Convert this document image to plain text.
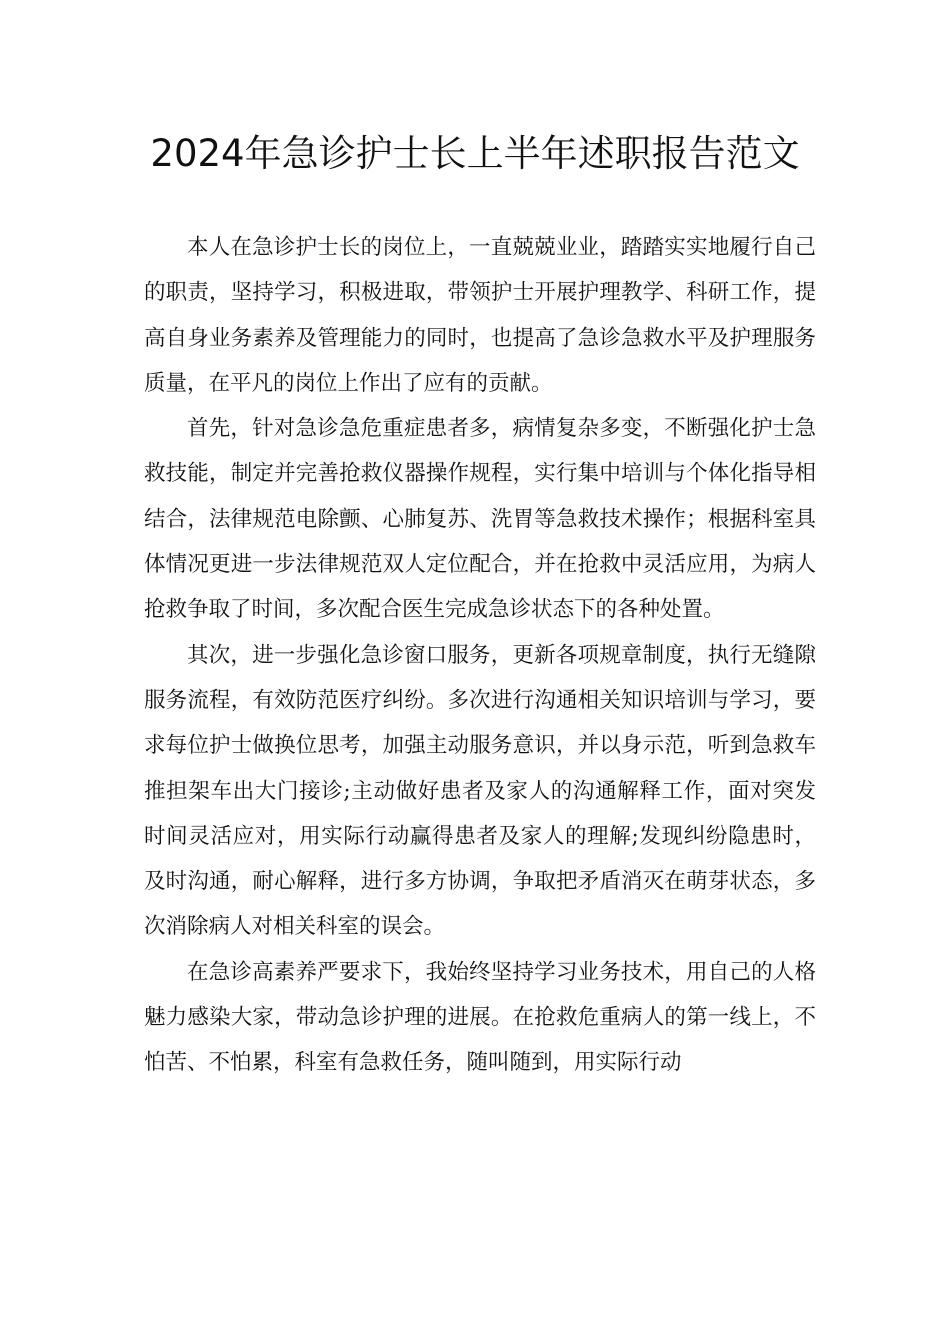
2024年急诊护士长上半年述职报告范文

本人在急诊护士长的岗位上，一直兢兢业业，踏踏实实地履行自己的职责，坚持学习，积极进取，带领护士开展护理教学、科研工作，提高自身业务素养及管理能力的同时，也提高了急诊急救水平及护理服务质量，在平凡的岗位上作出了应有的贡献。

首先，针对急诊急危重症患者多，病情复杂多变，不断强化护士急救技能，制定并完善抢救仪器操作规程，实行集中培训与个体化指导相结合，法律规范电除颤、心肺复苏、洗胃等急救技术操作；根据科室具体情况更进一步法律规范双人定位配合，并在抢救中灵活应用，为病人抢救争取了时间，多次配合医生完成急诊状态下的各种处置。

其次，进一步强化急诊窗口服务，更新各项规章制度，执行无缝隙服务流程，有效防范医疗纠纷。多次进行沟通相关知识培训与学习，要求每位护士做换位思考，加强主动服务意识，并以身示范，听到急救车推担架车出大门接诊;主动做好患者及家人的沟通解释工作，面对突发时间灵活应对，用实际行动赢得患者及家人的理解;发现纠纷隐患时，及时沟通，耐心解释，进行多方协调，争取把矛盾消灭在萌芽状态，多次消除病人对相关科室的误会。

在急诊高素养严要求下，我始终坚持学习业务技术，用自己的人格魅力感染大家，带动急诊护理的进展。在抢救危重病人的第一线上，不怕苦、不怕累，科室有急救任务，随叫随到，用实际行动
